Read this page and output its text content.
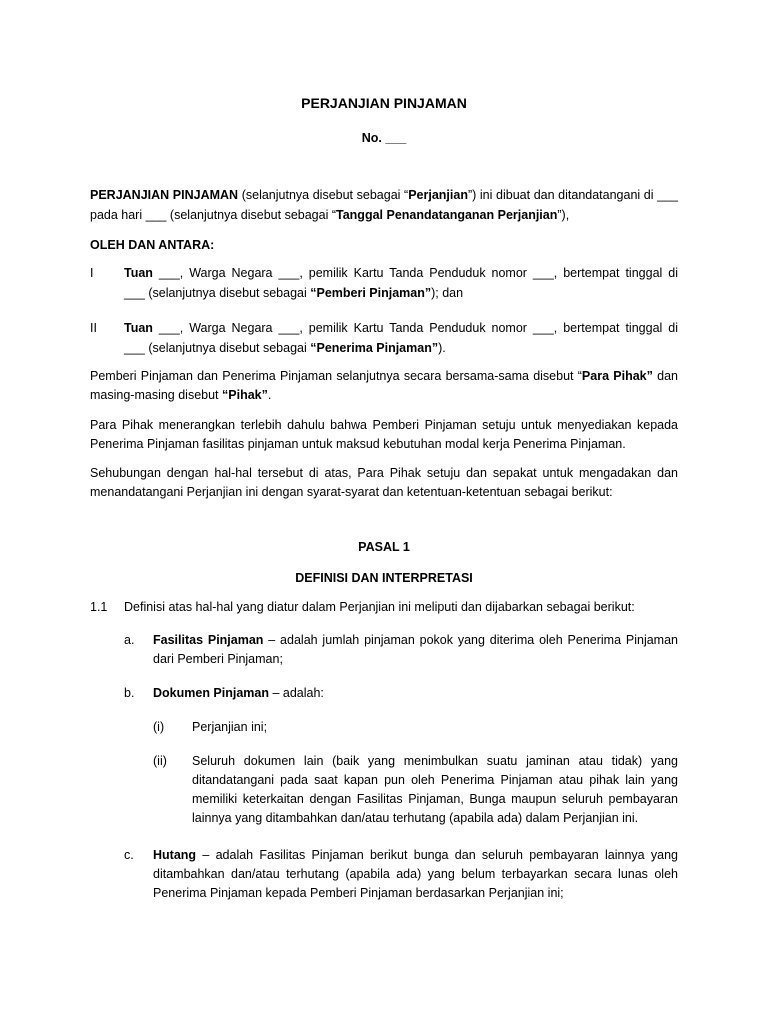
PERJANJIAN PINJAMAN
No. ___
PERJANJIAN PINJAMAN (selanjutnya disebut sebagai “Perjanjian”) ini dibuat dan ditandatangani di ___
pada hari ___ (selanjutnya disebut sebagai “Tanggal Penandatanganan Perjanjian”),
OLEH DAN ANTARA:
I Tuan ___, Warga Negara ___, pemilik Kartu Tanda Penduduk nomor ___, bertempat tinggal di
___ (selanjutnya disebut sebagai “Pemberi Pinjaman”); dan
II Tuan ___, Warga Negara ___, pemilik Kartu Tanda Penduduk nomor ___, bertempat tinggal di
___ (selanjutnya disebut sebagai “Penerima Pinjaman”).
Pemberi Pinjaman dan Penerima Pinjaman selanjutnya secara bersama-sama disebut “Para Pihak” dan
masing-masing disebut “Pihak”.
Para Pihak menerangkan terlebih dahulu bahwa Pemberi Pinjaman setuju untuk menyediakan kepada
Penerima Pinjaman fasilitas pinjaman untuk maksud kebutuhan modal kerja Penerima Pinjaman.
Sehubungan dengan hal-hal tersebut di atas, Para Pihak setuju dan sepakat untuk mengadakan dan
menandatangani Perjanjian ini dengan syarat-syarat dan ketentuan-ketentuan sebagai berikut:
PASAL 1
DEFINISI DAN INTERPRETASI
1.1 Definisi atas hal-hal yang diatur dalam Perjanjian ini meliputi dan dijabarkan sebagai berikut:
a. Fasilitas Pinjaman – adalah jumlah pinjaman pokok yang diterima oleh Penerima Pinjaman
dari Pemberi Pinjaman;
b. Dokumen Pinjaman – adalah:
(i) Perjanjian ini;
(ii) Seluruh dokumen lain (baik yang menimbulkan suatu jaminan atau tidak) yang
ditandatangani pada saat kapan pun oleh Penerima Pinjaman atau pihak lain yang
memiliki keterkaitan dengan Fasilitas Pinjaman, Bunga maupun seluruh pembayaran
lainnya yang ditambahkan dan/atau terhutang (apabila ada) dalam Perjanjian ini.
c. Hutang – adalah Fasilitas Pinjaman berikut bunga dan seluruh pembayaran lainnya yang
ditambahkan dan/atau terhutang (apabila ada) yang belum terbayarkan secara lunas oleh
Penerima Pinjaman kepada Pemberi Pinjaman berdasarkan Perjanjian ini;
